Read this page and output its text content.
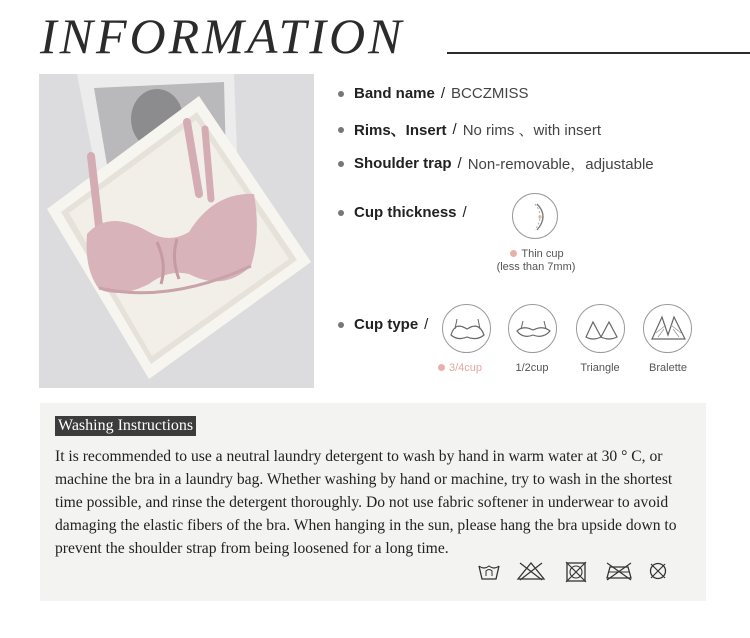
INFORMATION
Band name / BCCZMISS
Rims、Insert / No rims 、with insert
Shoulder trap / Non-removable，adjustable
Cup thickness /
Thin cup
(less than 7mm)
Cup type /
3/4cup	1/2cup	Triangle	Bralette
Washing Instructions
It is recommended to use a neutral laundry detergent to wash by hand in warm water at 30 ° C, or machine the bra in a laundry bag. Whether washing by hand or machine, try to wash in the shortest time possible, and rinse the detergent thoroughly. Do not use fabric softener in underwear to avoid damaging the elastic fibers of the bra. When hanging in the sun, please hang the bra upside down to prevent the shoulder strap from being loosened for a long time.
